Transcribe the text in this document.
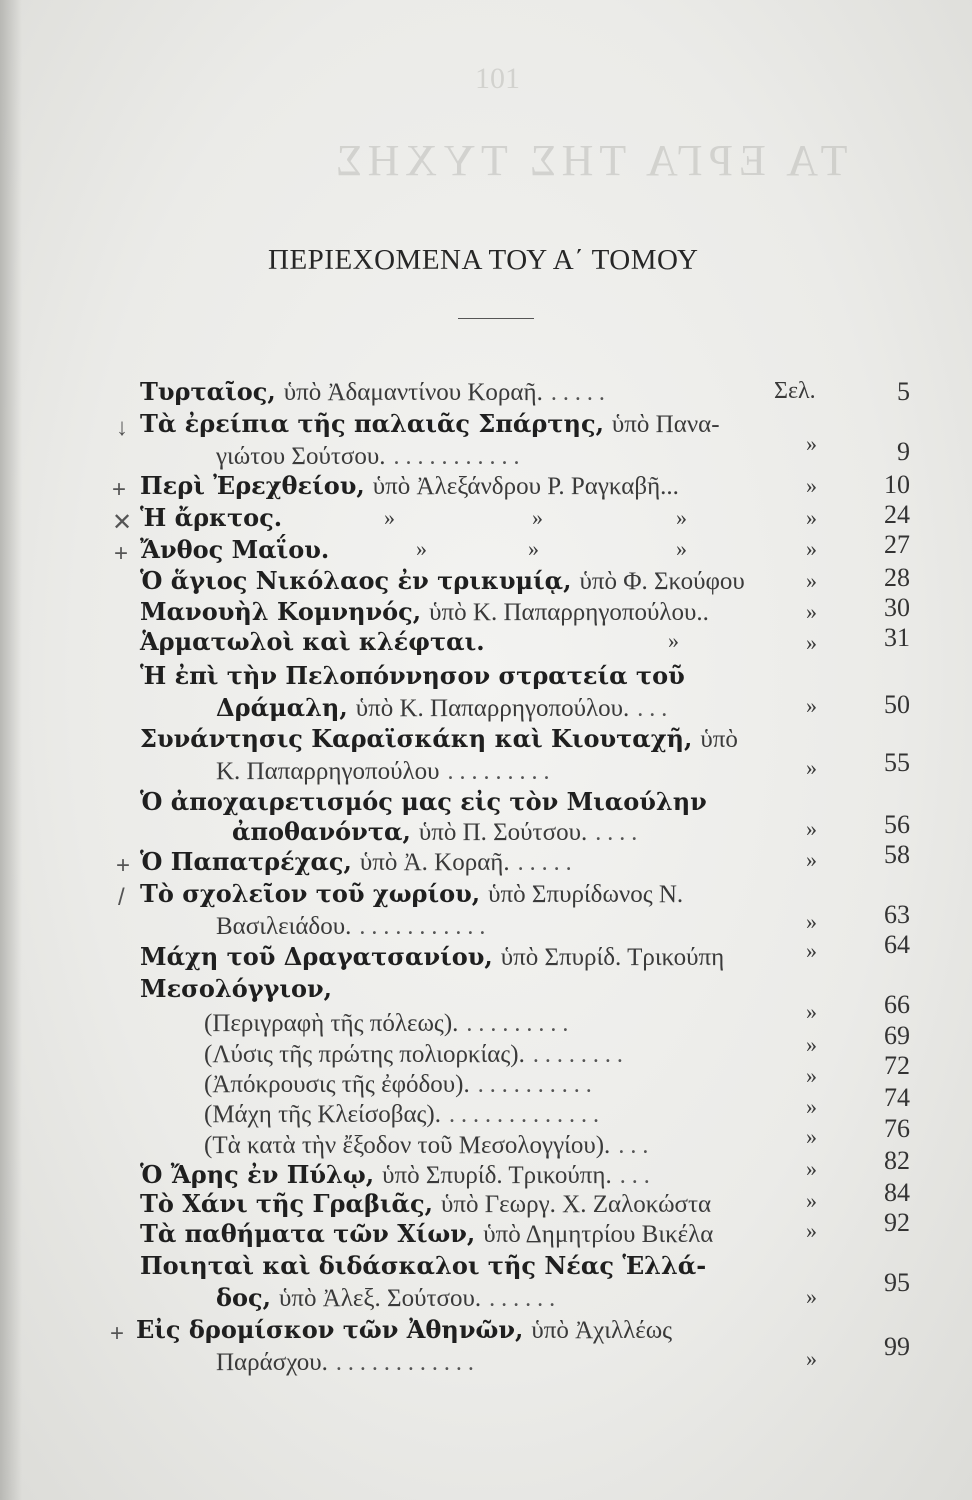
101
ΤΑ ΕΡΓΑ ΤΗΣ ΤΥΧΗΣ
ΠΕΡΙΕΧΟΜΕΝΑ ΤΟΥ Α΄ ΤΟΜΟΥ
Τυρταῖος, ὑπὸ Ἀδαμαντίνου Κοραῆ. .....	Σελ.	5
↓ Τὰ ἐρείπια τῆς παλαιᾶς Σπάρτης, ὑπὸ Πανα-
γιώτου Σούτσου. ...........
»	9
+ Περὶ Ἐρεχθείου, ὑπὸ Ἀλεξάνδρου Ρ. Ραγκαβῆ...	»	10
✕ Ἡ ἄρκτος.	»	»	»	»	24
+ Ἄνθος Μαΐου.	»	»	»	»	27
Ὁ ἅγιος Νικόλαος ἐν τρικυμίᾳ, ὑπὸ Φ. Σκούφου	»	28
Μανουὴλ Κομνηνός, ὑπὸ Κ. Παπαρρηγοπούλου..	»	30
Ἁρματωλοὶ καὶ κλέφται.	»	»	31
Ἡ ἐπὶ τὴν Πελοπόννησον στρατεία τοῦ
Δράμαλη, ὑπὸ Κ. Παπαρρηγοπούλου. ...	»	50
Συνάντησις Καραϊσκάκη καὶ Κιουταχῆ, ὑπὸ
Κ. Παπαρρηγοπούλου .........	»	55
Ὁ ἀποχαιρετισμός μας εἰς τὸν Μιαούλην
ἀποθανόντα, ὑπὸ Π. Σούτσου. ....	»	56
+ Ὁ Παπατρέχας, ὑπὸ Ἀ. Κοραῆ. .....	»	58
/ Τὸ σχολεῖον τοῦ χωρίου, ὑπὸ Σπυρίδωνος Ν.
Βασιλειάδου. ...........	»	63
Μάχη τοῦ Δραγατσανίου, ὑπὸ Σπυρίδ. Τρικούπη	»	64
Μεσολόγγιον,
(Περιγραφὴ τῆς πόλεως). .........	»	66
(Λύσις τῆς πρώτης πολιορκίας). ........	»	69
(Ἀπόκρουσις τῆς ἐφόδου). ..........	»	72
(Μάχη τῆς Κλείσοβας). .............	»	74
(Τὰ κατὰ τὴν ἔξοδον τοῦ Μεσολογγίου). ...	»	76
Ὁ Ἄρης ἐν Πύλῳ, ὑπὸ Σπυρίδ. Τρικούπη. ...	»	82
Τὸ Χάνι τῆς Γραβιᾶς, ὑπὸ Γεωργ. Χ. Ζαλοκώστα	»	84
Τὰ παθήματα τῶν Χίων, ὑπὸ Δημητρίου Βικέλα	»	92
Ποιηταὶ καὶ διδάσκαλοι τῆς Νέας Ἑλλά-
δος, ὑπὸ Ἀλεξ. Σούτσου. ......	»	95
+ Εἰς δρομίσκον τῶν Ἀθηνῶν, ὑπὸ Ἀχιλλέως
Παράσχου. ............	»	99
